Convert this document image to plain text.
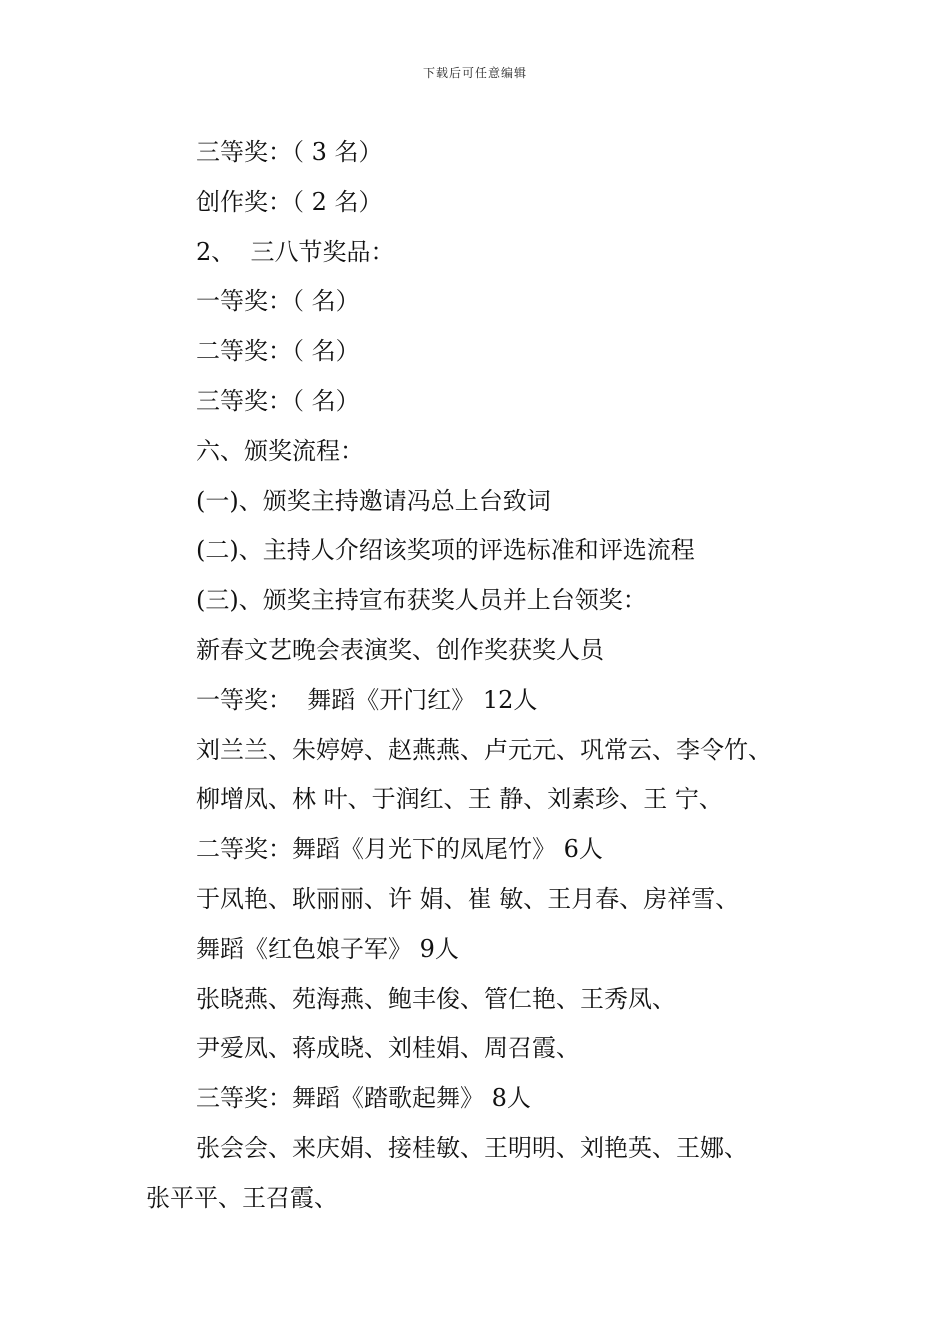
下载后可任意编辑
三等奖：（ 3 名）
创作奖：（ 2 名）
2、  三八节奖品：
一等奖：（ 名）
二等奖：（ 名）
三等奖：（ 名）
六、颁奖流程：
(一)、颁奖主持邀请冯总上台致词
(二)、主持人介绍该奖项的评选标准和评选流程
(三)、颁奖主持宣布获奖人员并上台领奖：
新春文艺晚会表演奖、创作奖获奖人员
一等奖：  舞蹈《开门红》 12人
刘兰兰、朱婷婷、赵燕燕、卢元元、巩常云、李令竹、
柳增凤、林 叶、于润红、王 静、刘素珍、王 宁、
二等奖：舞蹈《月光下的凤尾竹》 6人
于凤艳、耿丽丽、许 娟、崔 敏、王月春、房祥雪、
舞蹈《红色娘子军》 9人
张晓燕、苑海燕、鲍丰俊、管仁艳、王秀凤、
尹爱凤、蒋成晓、刘桂娟、周召霞、
三等奖：舞蹈《踏歌起舞》 8人
张会会、来庆娟、接桂敏、王明明、刘艳英、王娜、
张平平、王召霞、
